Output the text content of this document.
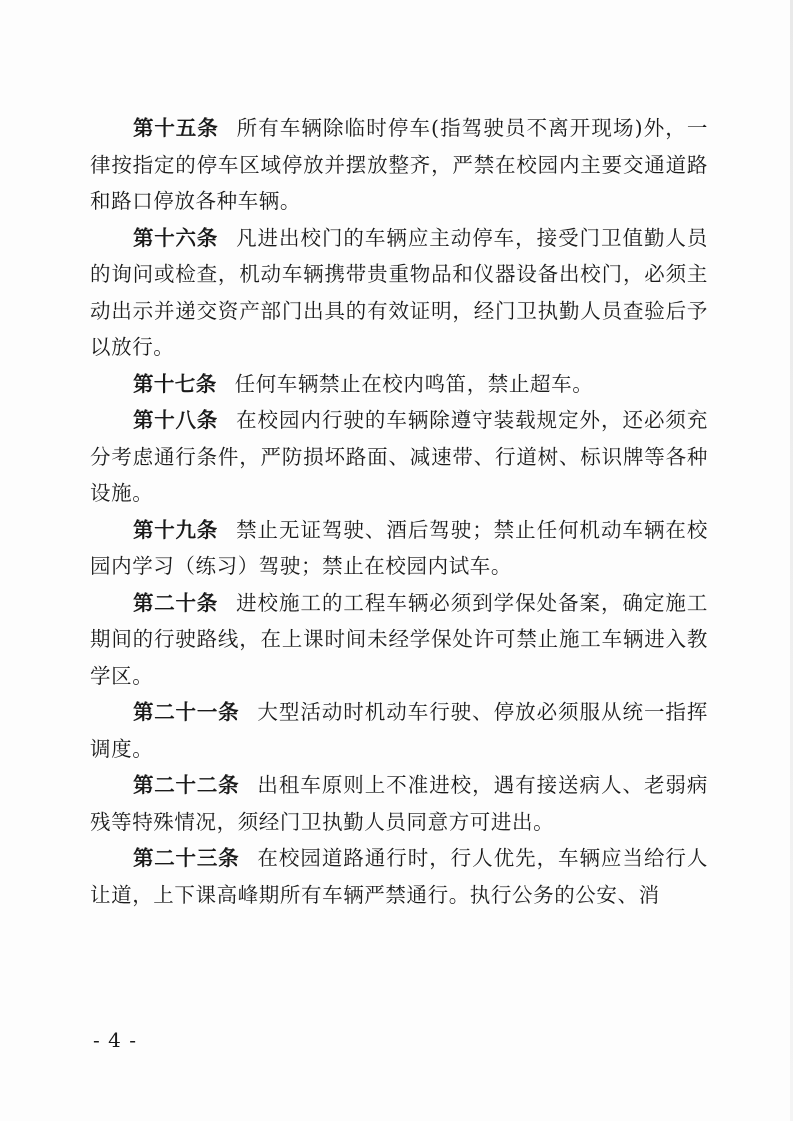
第十五条 所有车辆除临时停车(指驾驶员不离开现场)外，一律按指定的停车区域停放并摆放整齐，严禁在校园内主要交通道路和路口停放各种车辆。

第十六条 凡进出校门的车辆应主动停车，接受门卫值勤人员的询问或检查，机动车辆携带贵重物品和仪器设备出校门，必须主动出示并递交资产部门出具的有效证明，经门卫执勤人员查验后予以放行。

第十七条 任何车辆禁止在校内鸣笛，禁止超车。

第十八条 在校园内行驶的车辆除遵守装载规定外，还必须充分考虑通行条件，严防损坏路面、减速带、行道树、标识牌等各种设施。

第十九条 禁止无证驾驶、酒后驾驶；禁止任何机动车辆在校园内学习（练习）驾驶；禁止在校园内试车。

第二十条 进校施工的工程车辆必须到学保处备案，确定施工期间的行驶路线，在上课时间未经学保处许可禁止施工车辆进入教学区。

第二十一条 大型活动时机动车行驶、停放必须服从统一指挥调度。

第二十二条 出租车原则上不准进校，遇有接送病人、老弱病残等特殊情况，须经门卫执勤人员同意方可进出。

第二十三条 在校园道路通行时，行人优先，车辆应当给行人让道，上下课高峰期所有车辆严禁通行。执行公务的公安、消

- 4 -
